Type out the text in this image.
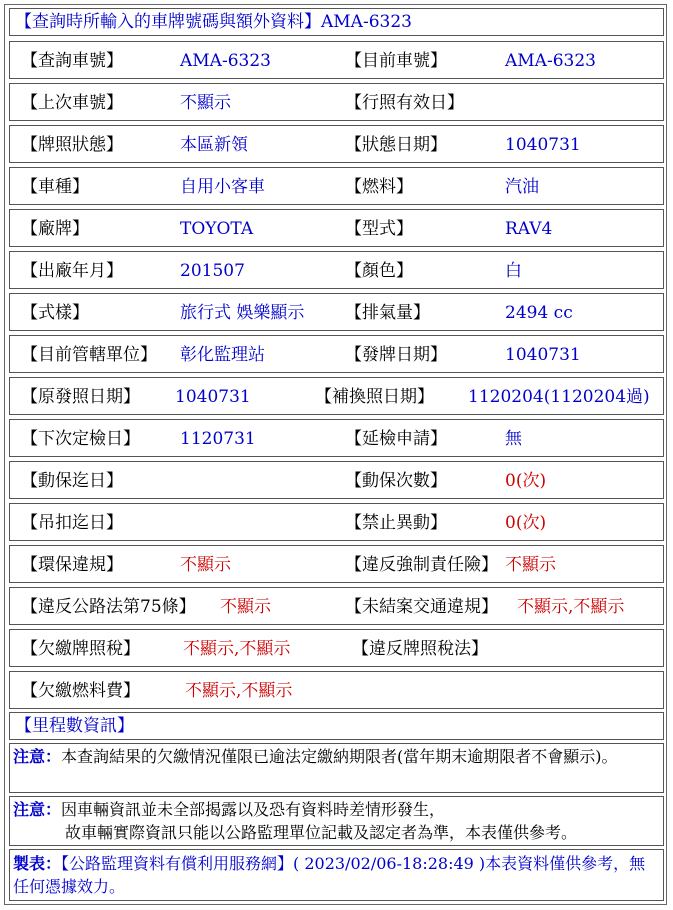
【查詢時所輸入的車牌號碼與額外資料】AMA-6323
【查詢車號】	AMA-6323	【目前車號】	AMA-6323
【上次車號】	不顯示	【行照有效日】
【牌照狀態】	本區新領	【狀態日期】	1040731
【車種】	自用小客車	【燃料】	汽油
【廠牌】	TOYOTA	【型式】	RAV4
【出廠年月】	201507	【顏色】	白
【式樣】	旅行式 娛樂顯示 【排氣量】	2494 cc
【目前管轄單位】 彰化監理站	【發牌日期】	1040731
【原發照日期】 1040731	【補換照日期】 1120204(1120204過)
【下次定檢日】 1120731	【延檢申請】	無
【動保迄日】	【動保次數】	0(次)
【吊扣迄日】	【禁止異動】	0(次)
【環保違規】	不顯示	【違反強制責任險】 不顯示
【違反公路法第75條】 不顯示	【未結案交通違規】 不顯示,不顯示
【欠繳牌照稅】	不顯示,不顯示	【違反牌照稅法】
【欠繳燃料費】	不顯示,不顯示
【里程數資訊】
注意：本查詢結果的欠繳情況僅限已逾法定繳納期限者(當年期末逾期限者不會顯示)。
注意：因車輛資訊並未全部揭露以及恐有資料時差情形發生，
故車輛實際資訊只能以公路監理單位記載及認定者為準，本表僅供參考。
製表：【公路監理資料有償利用服務網】( 2023/02/06-18:28:49 )本表資料僅供參考，無任何憑據效力。
